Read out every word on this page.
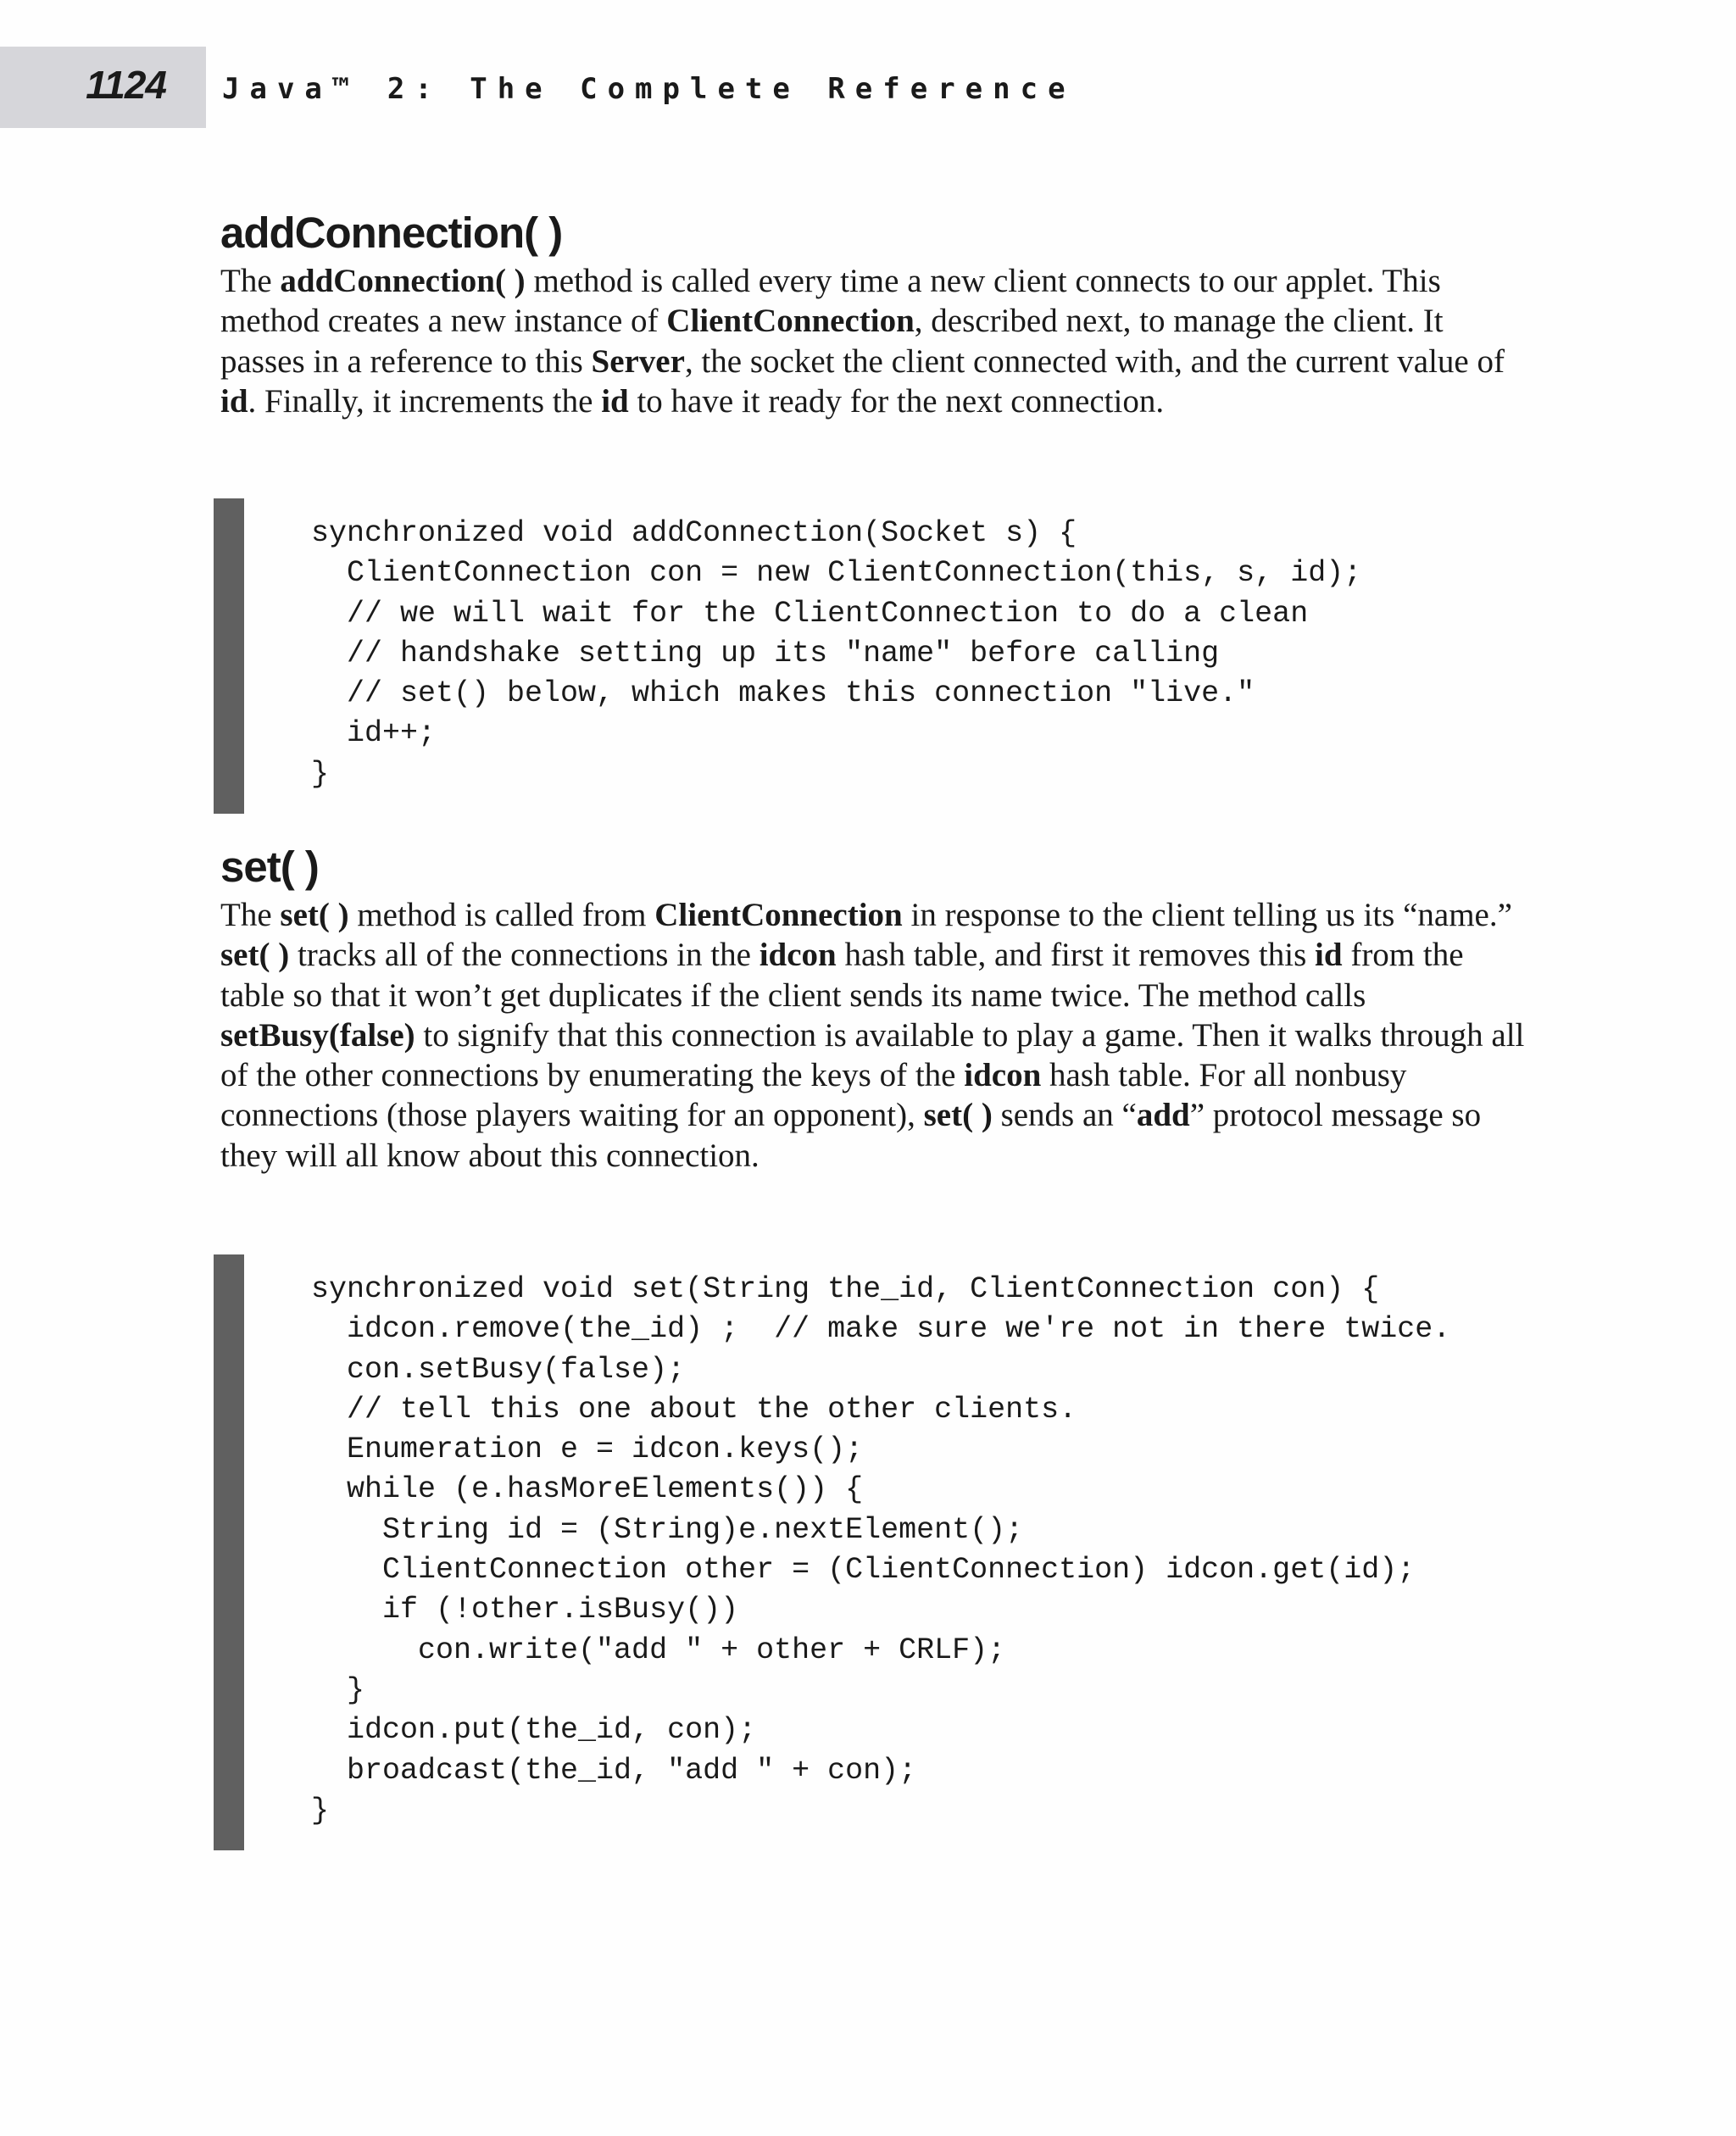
1124 Java™ 2: The Complete Reference
addConnection( )

The addConnection( ) method is called every time a new client connects to our applet. This method creates a new instance of ClientConnection, described next, to manage the client. It passes in a reference to this Server, the socket the client connected with, and the current value of id. Finally, it increments the id to have it ready for the next connection.

synchronized void addConnection(Socket s) {
ClientConnection con = new ClientConnection(this, s, id);
// we will wait for the ClientConnection to do a clean
// handshake setting up its "name" before calling
// set() below, which makes this connection "live."
id++;
}
set( )

The set( ) method is called from ClientConnection in response to the client telling us its “name.” set( ) tracks all of the connections in the idcon hash table, and first it removes this id from the table so that it won’t get duplicates if the client sends its name twice. The method calls setBusy(false) to signify that this connection is available to play a game. Then it walks through all of the other connections by enumerating the keys of the idcon hash table. For all nonbusy connections (those players waiting for an opponent), set( ) sends an “add” protocol message so they will all know about this connection.

synchronized void set(String the_id, ClientConnection con) {
idcon.remove(the_id) ;  // make sure we're not in there twice.
con.setBusy(false);
// tell this one about the other clients.
Enumeration e = idcon.keys();
while (e.hasMoreElements()) {
String id = (String)e.nextElement();
ClientConnection other = (ClientConnection) idcon.get(id);
if (!other.isBusy())
con.write("add " + other + CRLF);
}
idcon.put(the_id, con);
broadcast(the_id, "add " + con);
}
